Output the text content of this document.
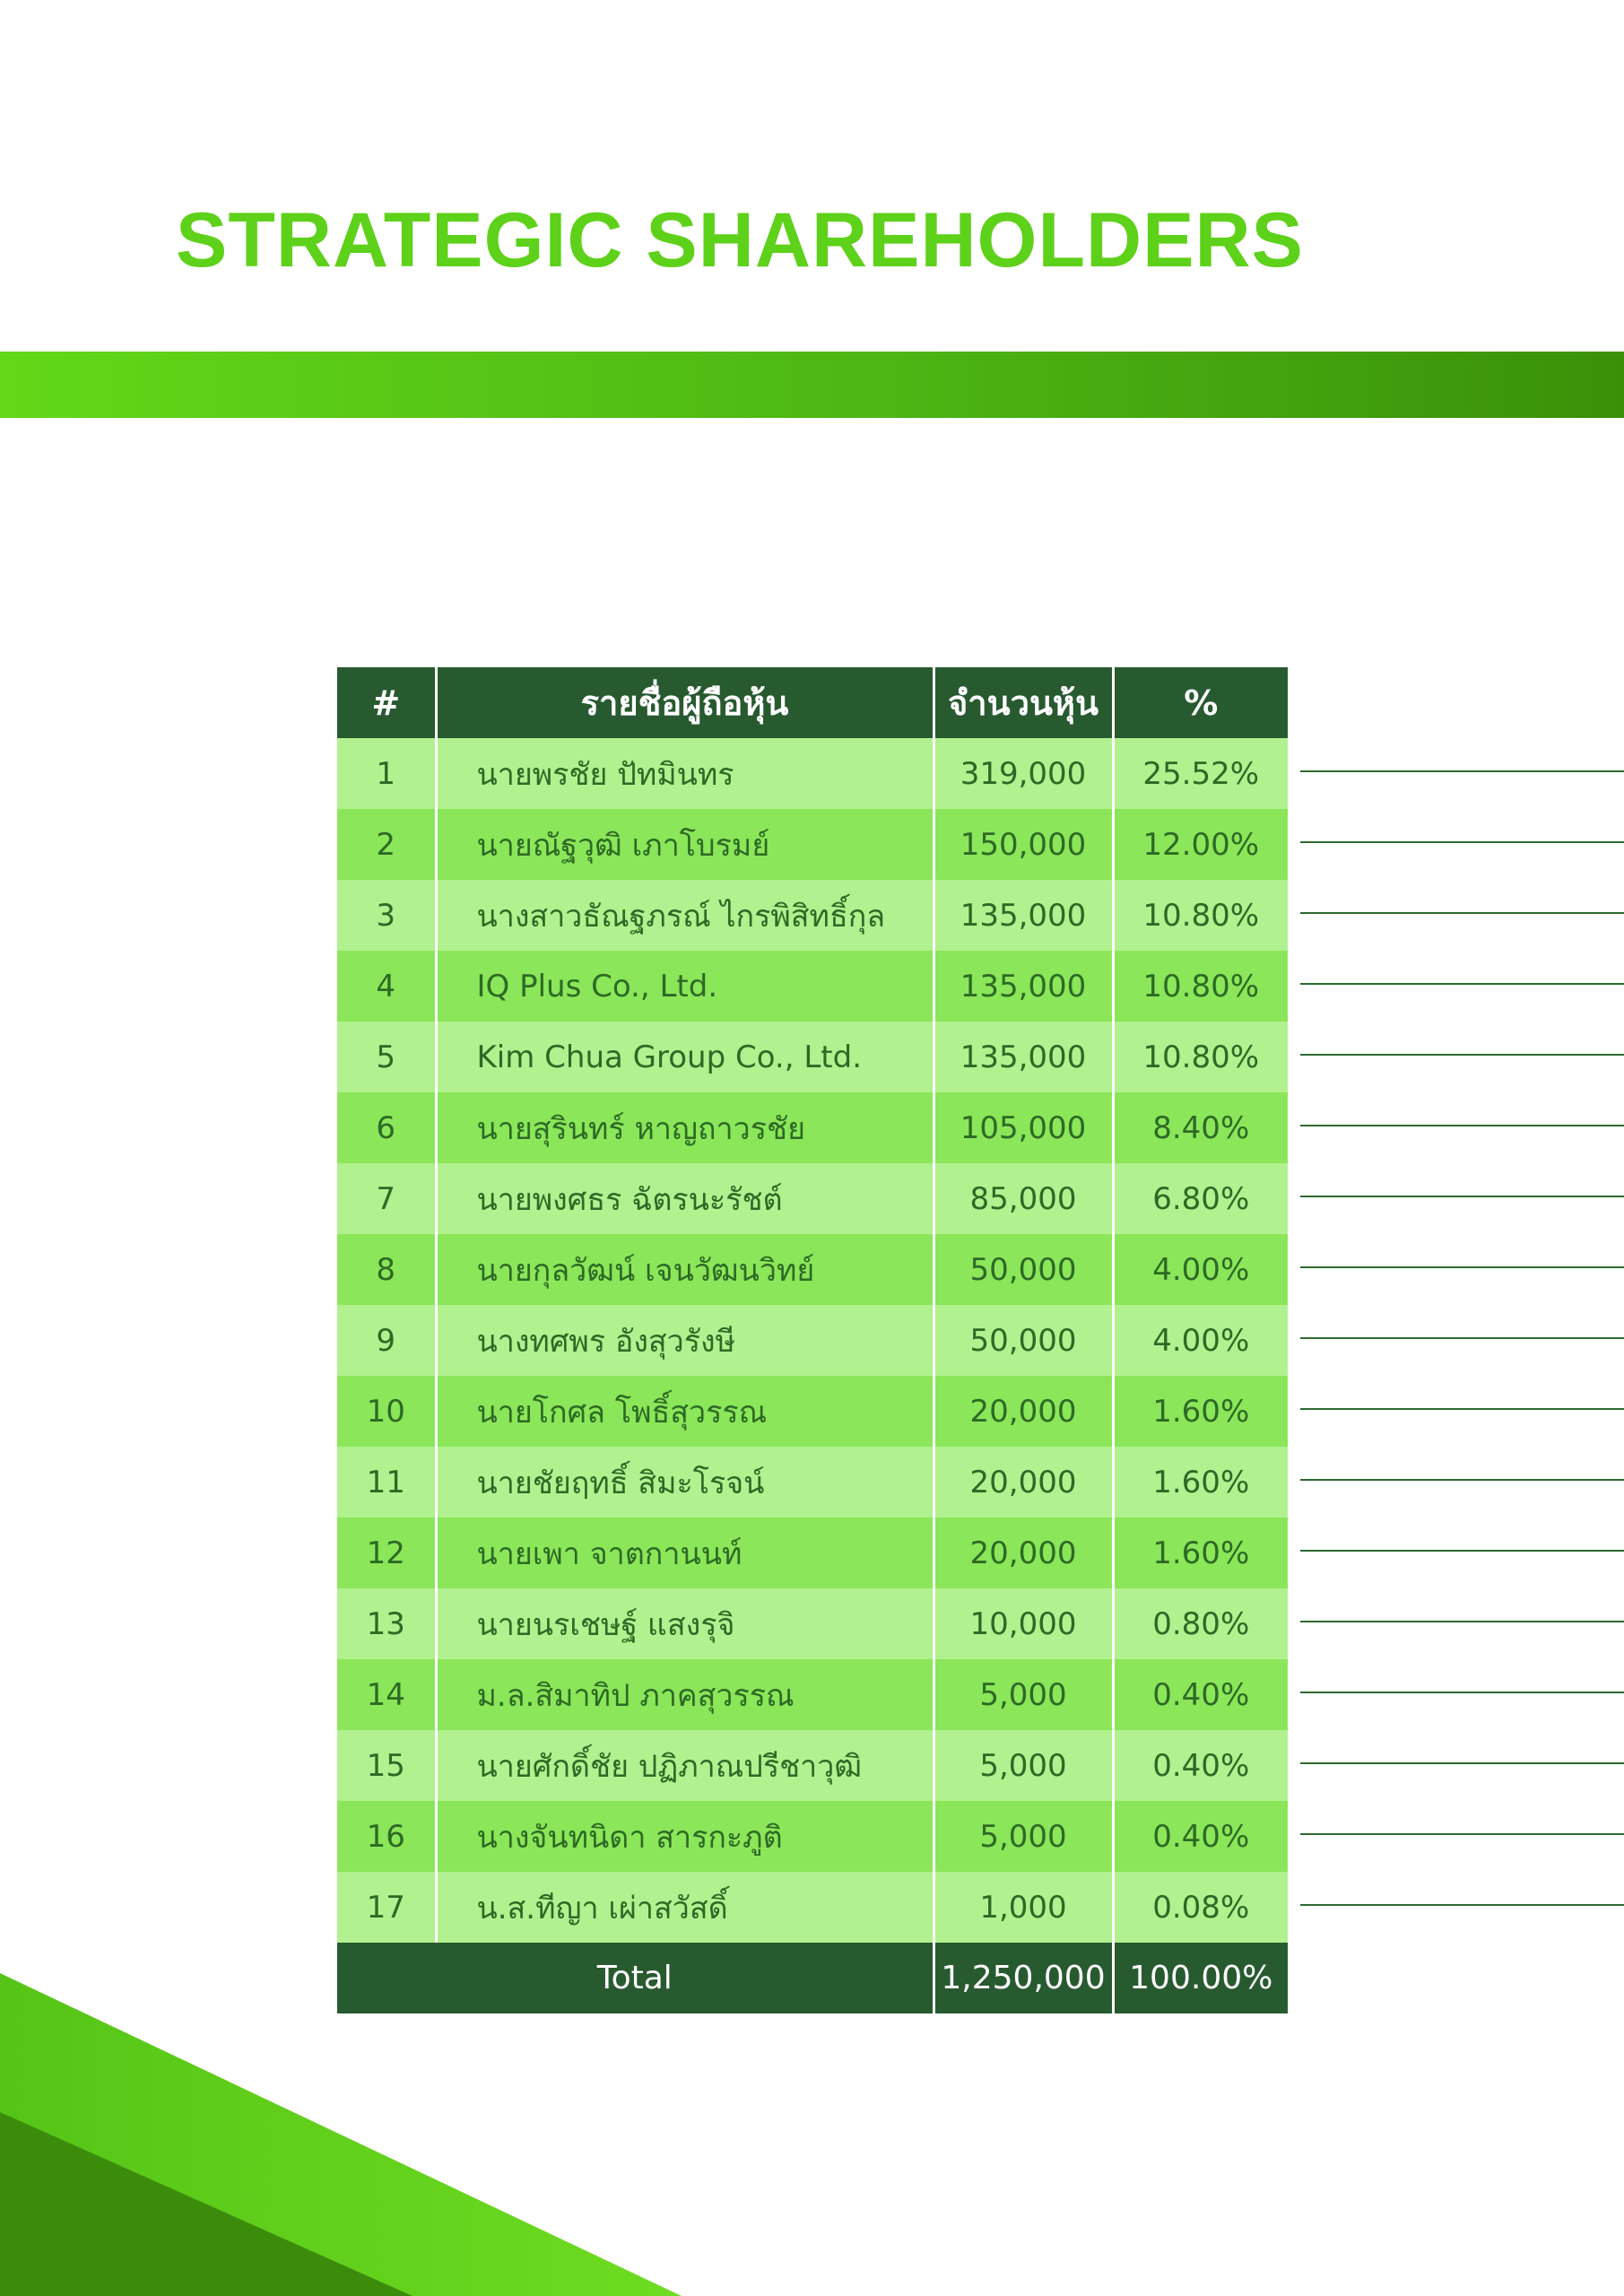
STRATEGIC SHAREHOLDERS
#	รายชื่อผู้ถือหุ้น	จำนวนหุ้น	%
1	นายพรชัย ปัทมินทร	319,000	25.52%
2	นายณัฐวุฒิ เภาโบรมย์	150,000	12.00%
3	นางสาวธัณฐภรณ์ ไกรพิสิทธิ์กุล	135,000	10.80%
4	IQ Plus Co., Ltd.	135,000	10.80%
5	Kim Chua Group Co., Ltd.	135,000	10.80%
6	นายสุรินทร์ หาญถาวรชัย	105,000	8.40%
7	นายพงศธร ฉัตรนะรัชต์	85,000	6.80%
8	นายกุลวัฒน์ เจนวัฒนวิทย์	50,000	4.00%
9	นางทศพร อังสุวรังษี	50,000	4.00%
10	นายโกศล โพธิ์สุวรรณ	20,000	1.60%
11	นายชัยฤทธิ์ สิมะโรจน์	20,000	1.60%
12	นายเพา จาตกานนท์	20,000	1.60%
13	นายนรเชษฐ์ แสงรุจิ	10,000	0.80%
14	ม.ล.สิมาทิป ภาคสุวรรณ	5,000	0.40%
15	นายศักดิ์ชัย ปฏิภาณปรีชาวุฒิ	5,000	0.40%
16	นางจันทนิดา สารกะภูติ	5,000	0.40%
17	น.ส.ทีญา เผ่าสวัสดิ์	1,000	0.08%
Total		1,250,000	100.00%
